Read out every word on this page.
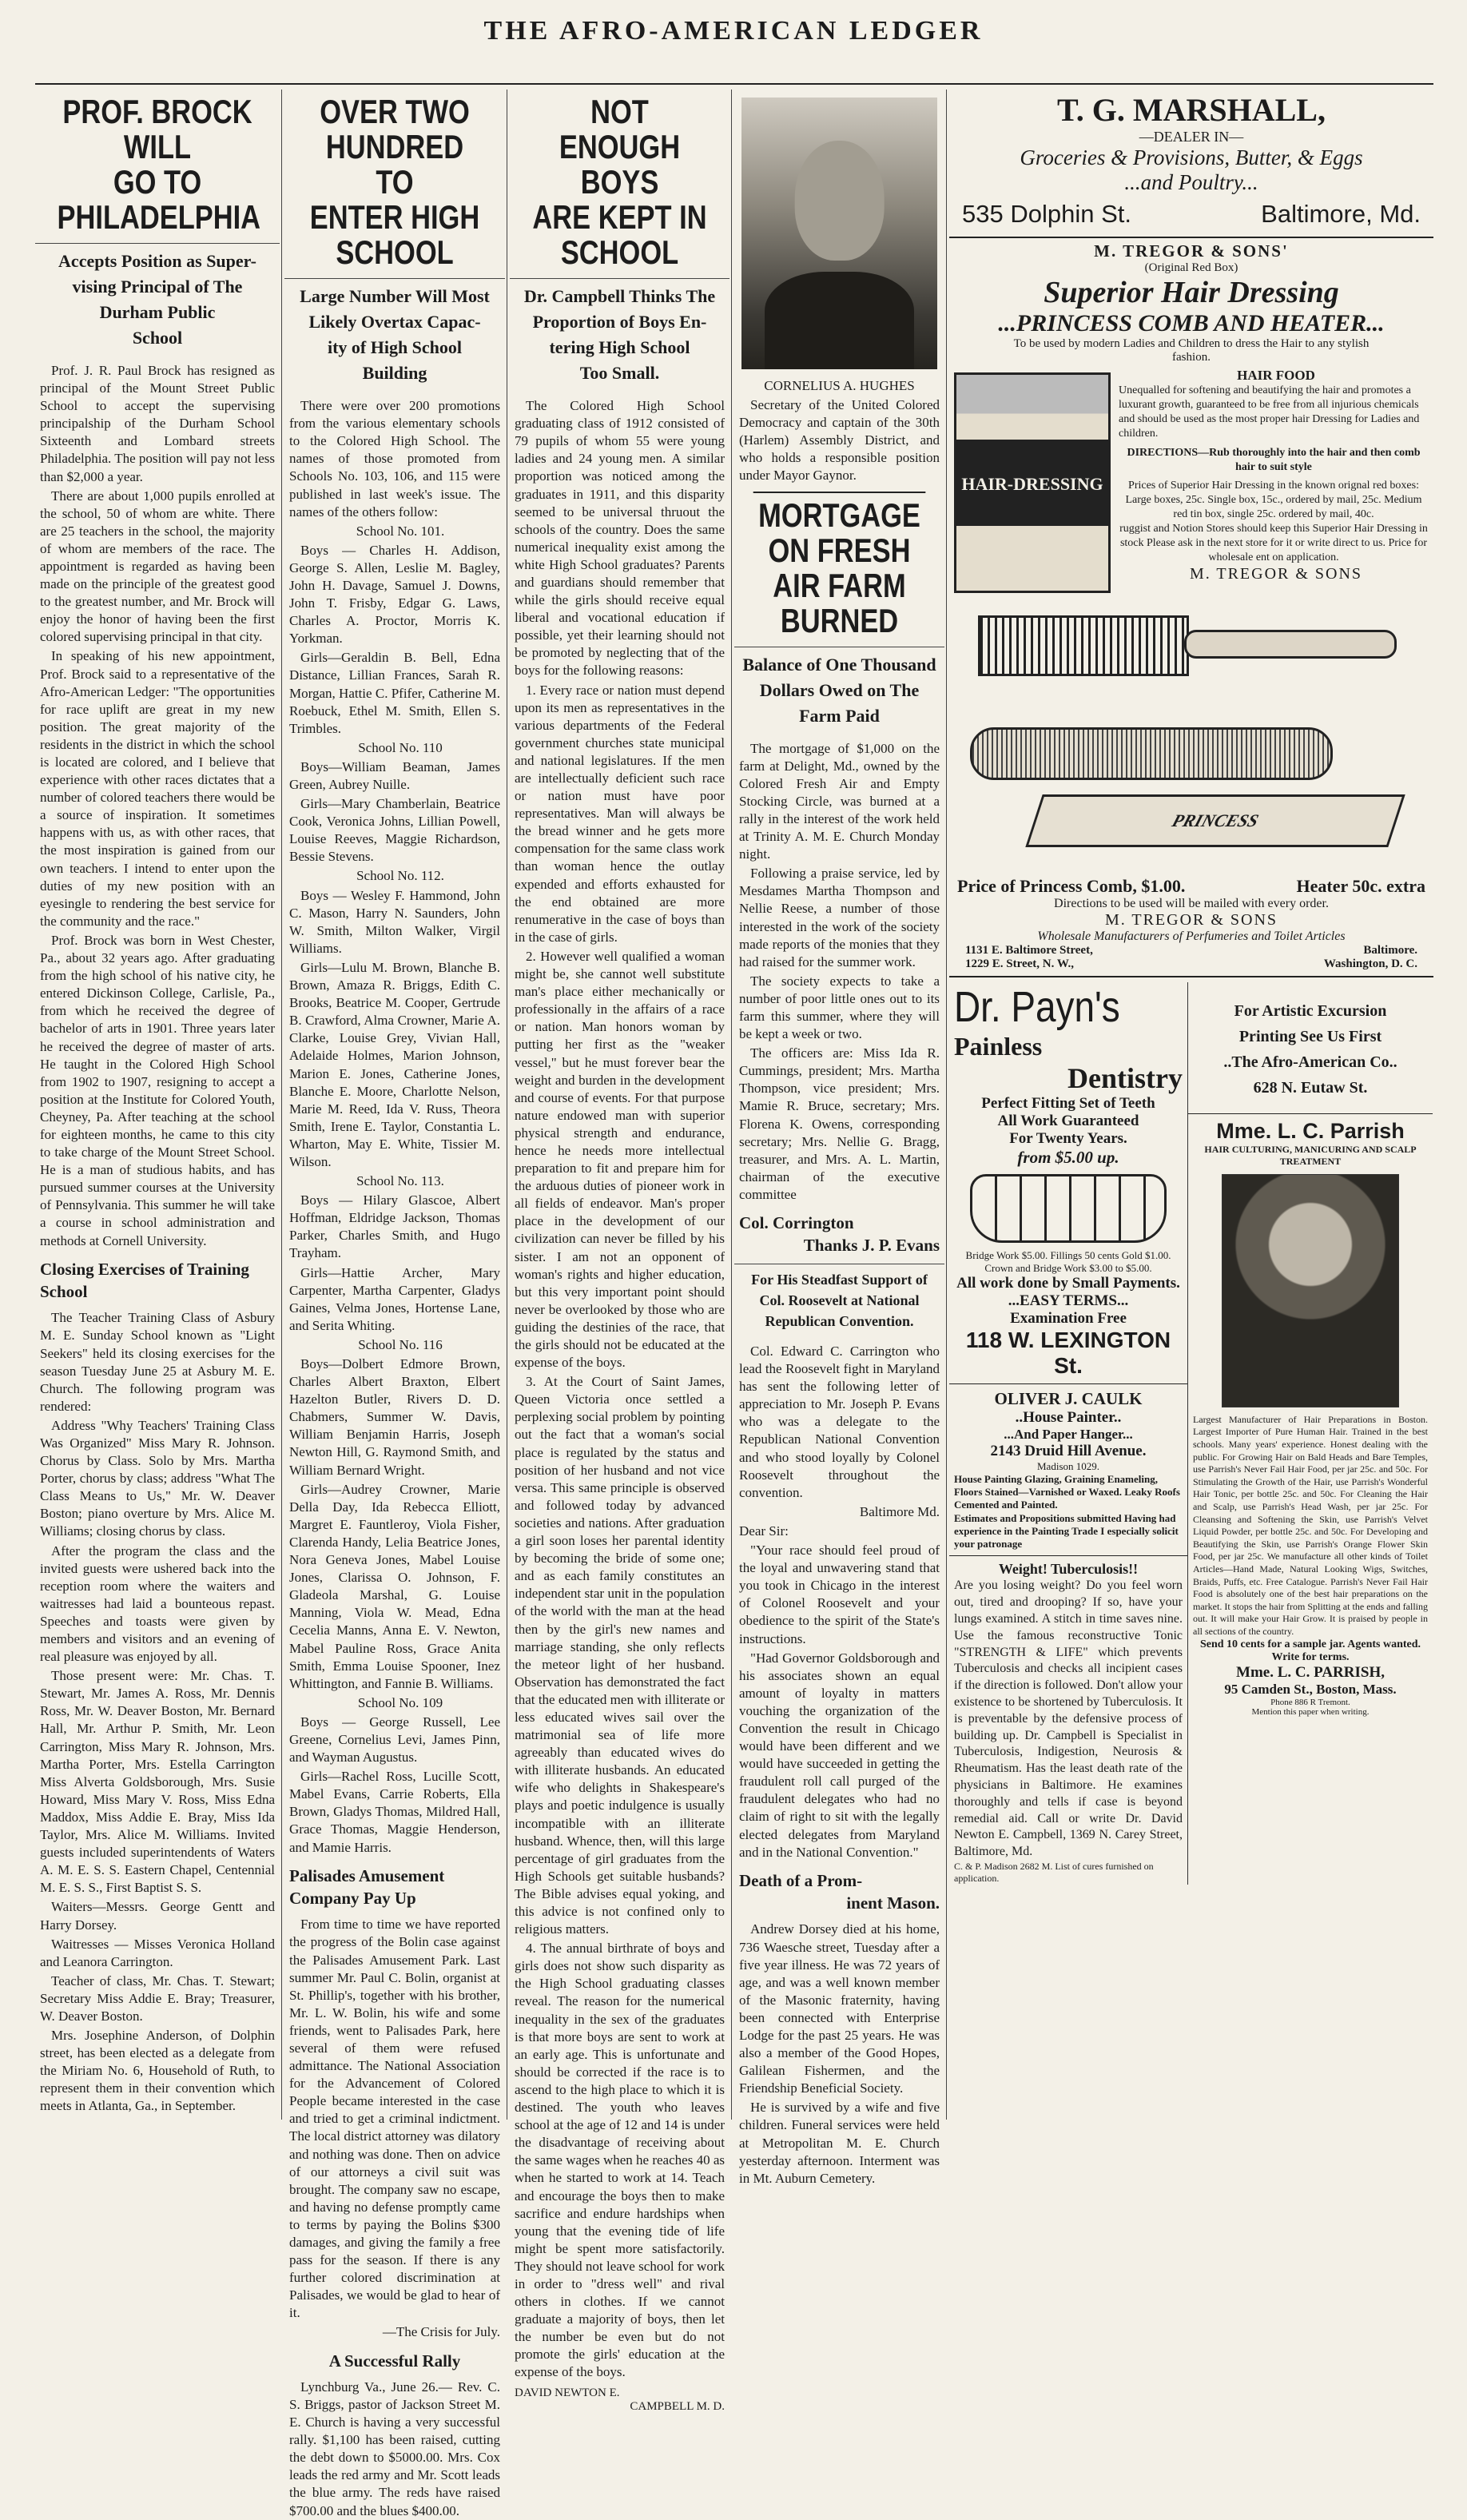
THE AFRO-AMERICAN LEDGER
PROF. BROCK WILL
GO TO PHILADELPHIA
Accepts Position as Super-
vising Principal of The
Durham Public
School

Prof. J. R. Paul Brock has resigned as principal of the Mount Street Public School to accept the supervising principalship of the Durham School Sixteenth and Lombard streets Philadelphia. The position will pay not less than $2,000 a year.

There are about 1,000 pupils enrolled at the school, 50 of whom are white. There are 25 teachers in the school, the majority of whom are members of the race. The appointment is regarded as having been made on the principle of the greatest good to the greatest number, and Mr. Brock will enjoy the honor of having been the first colored supervising principal in that city.

In speaking of his new appointment, Prof. Brock said to a representative of the Afro-American Ledger: "The opportunities for race uplift are great in my new position. The great majority of the residents in the district in which the school is located are colored, and I believe that experience with other races dictates that a number of colored teachers there would be a source of inspiration. It sometimes happens with us, as with other races, that the most inspiration is gained from our own teachers. I intend to enter upon the duties of my new position with an eyesingle to rendering the best service for the community and the race."

Prof. Brock was born in West Chester, Pa., about 32 years ago. After graduating from the high school of his native city, he entered Dickinson College, Carlisle, Pa., from which he received the degree of bachelor of arts in 1901. Three years later he received the degree of master of arts. He taught in the Colored High School from 1902 to 1907, resigning to accept a position at the Institute for Colored Youth, Cheyney, Pa. After teaching at the school for eighteen months, he came to this city to take charge of the Mount Street School. He is a man of studious habits, and has pursued summer courses at the University of Pennsylvania. This summer he will take a course in school administration and methods at Cornell University.

Closing Exercises of Training School

The Teacher Training Class of Asbury M. E. Sunday School known as "Light Seekers" held its closing exercises for the season Tuesday June 25 at Asbury M. E. Church. The following program was rendered:

Address "Why Teachers' Training Class Was Organized" Miss Mary R. Johnson. Chorus by Class. Solo by Mrs. Martha Porter, chorus by class; address "What The Class Means to Us," Mr. W. Deaver Boston; piano overture by Mrs. Alice M. Williams; closing chorus by class.

After the program the class and the invited guests were ushered back into the reception room where the waiters and waitresses had laid a bounteous repast. Speeches and toasts were given by members and visitors and an evening of real pleasure was enjoyed by all.

Those present were: Mr. Chas. T. Stewart, Mr. James A. Ross, Mr. Dennis Ross, Mr. W. Deaver Boston, Mr. Bernard Hall, Mr. Arthur P. Smith, Mr. Leon Carrington, Miss Mary R. Johnson, Mrs. Martha Porter, Mrs. Estella Carrington Miss Alverta Goldsborough, Mrs. Susie Howard, Miss Mary V. Ross, Miss Edna Maddox, Miss Addie E. Bray, Miss Ida Taylor, Mrs. Alice M. Williams. Invited guests included superintendents of Waters A. M. E. S. S. Eastern Chapel, Centennial M. E. S. S., First Baptist S. S.

Waiters—Messrs. George Gentt and Harry Dorsey.

Waitresses — Misses Veronica Holland and Leanora Carrington.

Teacher of class, Mr. Chas. T. Stewart; Secretary Miss Addie E. Bray; Treasurer, W. Deaver Boston.

Mrs. Josephine Anderson, of Dolphin street, has been elected as a delegate from the Miriam No. 6, Household of Ruth, to represent them in their convention which meets in Atlanta, Ga., in September.

OVER TWO HUNDRED TO
ENTER HIGH SCHOOL
Large Number Will Most
Likely Overtax Capac-
ity of High School
Building

There were over 200 promotions from the various elementary schools to the Colored High School. The names of those promoted from Schools No. 103, 106, and 115 were published in last week's issue. The names of the others follow:

School No. 101.

Boys — Charles H. Addison, George S. Allen, Leslie M. Bagley, John H. Davage, Samuel J. Downs, John T. Frisby, Edgar G. Laws, Charles A. Proctor, Morris K. Yorkman.

Girls—Geraldin B. Bell, Edna Distance, Lillian Frances, Sarah R. Morgan, Hattie C. Pfifer, Catherine M. Roebuck, Ethel M. Smith, Ellen S. Trimbles.

School No. 110

Boys—William Beaman, James Green, Aubrey Nuille.

Girls—Mary Chamberlain, Beatrice Cook, Veronica Johns, Lillian Powell, Louise Reeves, Maggie Richardson, Bessie Stevens.

School No. 112.

Boys — Wesley F. Hammond, John C. Mason, Harry N. Saunders, John W. Smith, Milton Walker, Virgil Williams.

Girls—Lulu M. Brown, Blanche B. Brown, Amaza R. Briggs, Edith C. Brooks, Beatrice M. Cooper, Gertrude B. Crawford, Alma Crowner, Marie A. Clarke, Louise Grey, Vivian Hall, Adelaide Holmes, Marion Johnson, Marion E. Jones, Catherine Jones, Blanche E. Moore, Charlotte Nelson, Marie M. Reed, Ida V. Russ, Theora Smith, Irene E. Taylor, Constantia L. Wharton, May E. White, Tissier M. Wilson.

School No. 113.

Boys — Hilary Glascoe, Albert Hoffman, Eldridge Jackson, Thomas Parker, Charles Smith, and Hugo Trayham.

Girls—Hattie Archer, Mary Carpenter, Martha Carpenter, Gladys Gaines, Velma Jones, Hortense Lane, and Serita Whiting.

School No. 116

Boys—Dolbert Edmore Brown, Charles Albert Braxton, Elbert Hazelton Butler, Rivers D. D. Chabmers, Summer W. Davis, William Benjamin Harris, Joseph Newton Hill, G. Raymond Smith, and William Bernard Wright.

Girls—Audrey Crowner, Marie Della Day, Ida Rebecca Elliott, Margret E. Fauntleroy, Viola Fisher, Clarenda Handy, Lelia Beatrice Jones, Nora Geneva Jones, Mabel Louise Jones, Clarissa O. Johnson, F. Gladeola Marshal, G. Louise Manning, Viola W. Mead, Edna Cecelia Manns, Anna E. V. Newton, Mabel Pauline Ross, Grace Anita Smith, Emma Louise Spooner, Inez Whittington, and Fannie B. Williams.

School No. 109

Boys — George Russell, Lee Greene, Cornelius Levi, James Pinn, and Wayman Augustus.

Girls—Rachel Ross, Lucille Scott, Mabel Evans, Carrie Roberts, Ella Brown, Gladys Thomas, Mildred Hall, Grace Thomas, Maggie Henderson, and Mamie Harris.

Palisades Amusement Company Pay Up

From time to time we have reported the progress of the Bolin case against the Palisades Amusement Park. Last summer Mr. Paul C. Bolin, organist at St. Phillip's, together with his brother, Mr. L. W. Bolin, his wife and some friends, went to Palisades Park, here several of them were refused admittance. The National Association for the Advancement of Colored People became interested in the case and tried to get a criminal indictment. The local district attorney was dilatory and nothing was done. Then on advice of our attorneys a civil suit was brought. The company saw no escape, and having no defense promptly came to terms by paying the Bolins $300 damages, and giving the family a free pass for the season. If there is any further colored discrimination at Palisades, we would be glad to hear of it.

—The Crisis for July.

A Successful Rally

Lynchburg Va., June 26.— Rev. C. S. Briggs, pastor of Jackson Street M. E. Church is having a very successful rally. $1,100 has been raised, cutting the debt down to $5000.00. Mrs. Cox leads the red army and Mr. Scott leads the blue army. The reds have raised $700.00 and the blues $400.00.

NOT ENOUGH BOYS
ARE KEPT IN SCHOOL
Dr. Campbell Thinks The
Proportion of Boys En-
tering High School
Too Small.

The Colored High School graduating class of 1912 consisted of 79 pupils of whom 55 were young ladies and 24 young men. A similar proportion was noticed among the graduates in 1911, and this disparity seemed to be universal thruout the schools of the country. Does the same numerical inequality exist among the white High School graduates? Parents and guardians should remember that while the girls should receive equal liberal and vocational education if possible, yet their learning should not be promoted by neglecting that of the boys for the following reasons:

1. Every race or nation must depend upon its men as representatives in the various departments of the Federal government churches state municipal and national legislatures. If the men are intellectually deficient such race or nation must have poor representatives. Man will always be the bread winner and he gets more compensation for the same class work than woman hence the outlay expended and efforts exhausted for the end obtained are more renumerative in the case of boys than in the case of girls.

2. However well qualified a woman might be, she cannot well substitute man's place either mechanically or professionally in the affairs of a race or nation. Man honors woman by putting her first as the "weaker vessel," but he must forever bear the weight and burden in the development and course of events. For that purpose nature endowed man with superior physical strength and endurance, hence he needs more intellectual preparation to fit and prepare him for the arduous duties of pioneer work in all fields of endeavor. Man's proper place in the development of our civilization can never be filled by his sister. I am not an opponent of woman's rights and higher education, but this very important point should never be overlooked by those who are guiding the destinies of the race, that the girls should not be educated at the expense of the boys.

3. At the Court of Saint James, Queen Victoria once settled a perplexing social problem by pointing out the fact that a woman's social place is regulated by the status and position of her husband and not vice versa. This same principle is observed and followed today by advanced societies and nations. After graduation a girl soon loses her parental identity by becoming the bride of some one; and as each family constitutes an independent star unit in the population of the world with the man at the head then by the girl's new names and marriage standing, she only reflects the meteor light of her husband. Observation has demonstrated the fact that the educated men with illiterate or less educated wives sail over the matrimonial sea of life more agreeably than educated wives do with illiterate husbands. An educated wife who delights in Shakespeare's plays and poetic indulgence is usually incompatible with an illiterate husband. Whence, then, will this large percentage of girl graduates from the High Schools get suitable husbands? The Bible advises equal yoking, and this advice is not confined only to religious matters.

4. The annual birthrate of boys and girls does not show such disparity as the High School graduating classes reveal. The reason for the numerical inequality in the sex of the graduates is that more boys are sent to work at an early age. This is unfortunate and should be corrected if the race is to ascend to the high place to which it is destined. The youth who leaves school at the age of 12 and 14 is under the disadvantage of receiving about the same wages when he reaches 40 as when he started to work at 14. Teach and encourage the boys then to make sacrifice and endure hardships when young that the evening tide of life might be spent more satisfactorily. They should not leave school for work in order to "dress well" and rival others in clothes. If we cannot graduate a majority of boys, then let the number be even but do not promote the girls' education at the expense of the boys.

DAVID NEWTON E.
CAMPBELL M. D.

CORNELIUS A. HUGHES

Secretary of the United Colored Democracy and captain of the 30th (Harlem) Assembly District, and who holds a responsible position under Mayor Gaynor.

MORTGAGE ON FRESH
AIR FARM BURNED
Balance of One Thousand
Dollars Owed on The
Farm Paid

The mortgage of $1,000 on the farm at Delight, Md., owned by the Colored Fresh Air and Empty Stocking Circle, was burned at a rally in the interest of the work held at Trinity A. M. E. Church Monday night.

Following a praise service, led by Mesdames Martha Thompson and Nellie Reese, a number of those interested in the work of the society made reports of the monies that they had raised for the summer work.

The society expects to take a number of poor little ones out to its farm this summer, where they will be kept a week or two.

The officers are: Miss Ida R. Cummings, president; Mrs. Martha Thompson, vice president; Mrs. Mamie R. Bruce, secretary; Mrs. Florena K. Owens, corresponding secretary; Mrs. Nellie G. Bragg, treasurer, and Mrs. A. L. Martin, chairman of the executive committee

Col. Corrington
Thanks J. P. Evans
For His Steadfast Support of
Col. Roosevelt at National
Republican Convention.

Col. Edward C. Carrington who lead the Roosevelt fight in Maryland has sent the following letter of appreciation to Mr. Joseph P. Evans who was a delegate to the Republican National Convention and who stood loyally by Colonel Roosevelt throughout the convention.

Baltimore Md.

Dear Sir:

"Your race should feel proud of the loyal and unwavering stand that you took in Chicago in the interest of Colonel Roosevelt and your obedience to the spirit of the State's instructions.

"Had Governor Goldsborough and his associates shown an equal amount of loyalty in matters vouching the organization of the Convention the result in Chicago would have been different and we would have succeeded in getting the fraudulent roll call purged of the fraudulent delegates who had no claim of right to sit with the legally elected delegates from Maryland and in the National Convention."

Death of a Prom-
inent Mason.

Andrew Dorsey died at his home, 736 Waesche street, Tuesday after a five year illness. He was 72 years of age, and was a well known member of the Masonic fraternity, having been connected with Enterprise Lodge for the past 25 years. He was also a member of the Good Hopes, Galilean Fishermen, and the Friendship Beneficial Society.

He is survived by a wife and five children. Funeral services were held at Metropolitan M. E. Church yesterday afternoon. Interment was in Mt. Auburn Cemetery.

T. G. MARSHALL,
—DEALER IN—
Groceries & Provisions, Butter, & Eggs
...and Poultry...
535 Dolphin St.	Baltimore, Md.
M. TREGOR & SONS'
(Original Red Box)
Superior Hair Dressing
...PRINCESS COMB AND HEATER...
To be used by modern Ladies and Children to dress the Hair to any stylish fashion.
HAIR-DRESSING
HAIR FOOD
Unequalled for softening and beautifying the hair and promotes a luxurant growth, guaranteed to be free from all injurious chemicals and should be used as the most proper hair Dressing for Ladies and children.
DIRECTIONS—Rub thoroughly into the hair and then comb hair to suit style
Prices of Superior Hair Dressing in the known orignal red boxes: Large boxes, 25c. Single box, 15c., ordered by mail, 25c. Medium red tin box, single 25c. ordered by mail, 40c.
ruggist and Notion Stores should keep this Superior Hair Dressing in stock Please ask in the next store for it or write direct to us. Price for wholesale ent on application.
M. TREGOR & SONS
PRINCESS
Price of Princess Comb, $1.00.	Heater 50c. extra
Directions to be used will be mailed with every order.
M. TREGOR & SONS
Wholesale Manufacturers of Perfumeries and Toilet Articles
1131 E. Baltimore Street,	Baltimore.
1229 E. Street, N. W.,	Washington, D. C.
Dr. Payn's
Painless
Dentistry
Perfect Fitting Set of Teeth
All Work Guaranteed
For Twenty Years.
from $5.00 up.
Bridge Work $5.00. Fillings 50 cents Gold $1.00. Crown and Bridge Work $3.00 to $5.00.
All work done by Small Payments.
...EASY TERMS...
Examination Free
118 W. LEXINGTON St.
OLIVER J. CAULK
..House Painter..
...And Paper Hanger...
2143 Druid Hill Avenue.
Madison 1029.
House Painting Glazing, Graining Enameling, Floors Stained—Varnished or Waxed. Leaky Roofs Cemented and Painted.
Estimates and Propositions submitted Having had experience in the Painting Trade I especially solicit your patronage
Weight! Tuberculosis!!
Are you losing weight? Do you feel worn out, tired and drooping? If so, have your lungs examined. A stitch in time saves nine. Use the famous reconstructive Tonic "STRENGTH & LIFE" which prevents Tuberculosis and checks all incipient cases if the direction is followed. Don't allow your existence to be shortened by Tuberculosis. It is preventable by the defensive process of building up. Dr. Campbell is Specialist in Tuberculosis, Indigestion, Neurosis & Rheumatism. Has the least death rate of the physicians in Baltimore. He examines thoroughly and tells if case is beyond remedial aid. Call or write Dr. David Newton E. Campbell, 1369 N. Carey Street, Baltimore, Md.
C. & P. Madison 2682 M. List of cures furnished on application.
For Artistic Excursion
Printing See Us First
..The Afro-American Co..
628 N. Eutaw St.
Mme. L. C. Parrish
HAIR CULTURING, MANICURING AND SCALP TREATMENT
Largest Manufacturer of Hair Preparations in Boston. Largest Importer of Pure Human Hair. Trained in the best schools. Many years' experience. Honest dealing with the public. For Growing Hair on Bald Heads and Bare Temples, use Parrish's Never Fail Hair Food, per jar 25c. and 50c. For Stimulating the Growth of the Hair, use Parrish's Wonderful Hair Tonic, per bottle 25c. and 50c. For Cleaning the Hair and Scalp, use Parrish's Head Wash, per jar 25c. For Cleansing and Softening the Skin, use Parrish's Velvet Liquid Powder, per bottle 25c. and 50c. For Developing and Beautifying the Skin, use Parrish's Orange Flower Skin Food, per jar 25c. We manufacture all other kinds of Toilet Articles—Hand Made, Natural Looking Wigs, Switches, Braids, Puffs, etc. Free Catalogue. Parrish's Never Fail Hair Food is absolutely one of the best hair preparations on the market. It stops the hair from Splitting at the ends and falling out. It will make your Hair Grow. It is praised by people in all sections of the country.
Send 10 cents for a sample jar. Agents wanted. Write for terms.
Mme. L. C. PARRISH,
95 Camden St., Boston, Mass.
Phone 886 R Tremont.
Mention this paper when writing.
